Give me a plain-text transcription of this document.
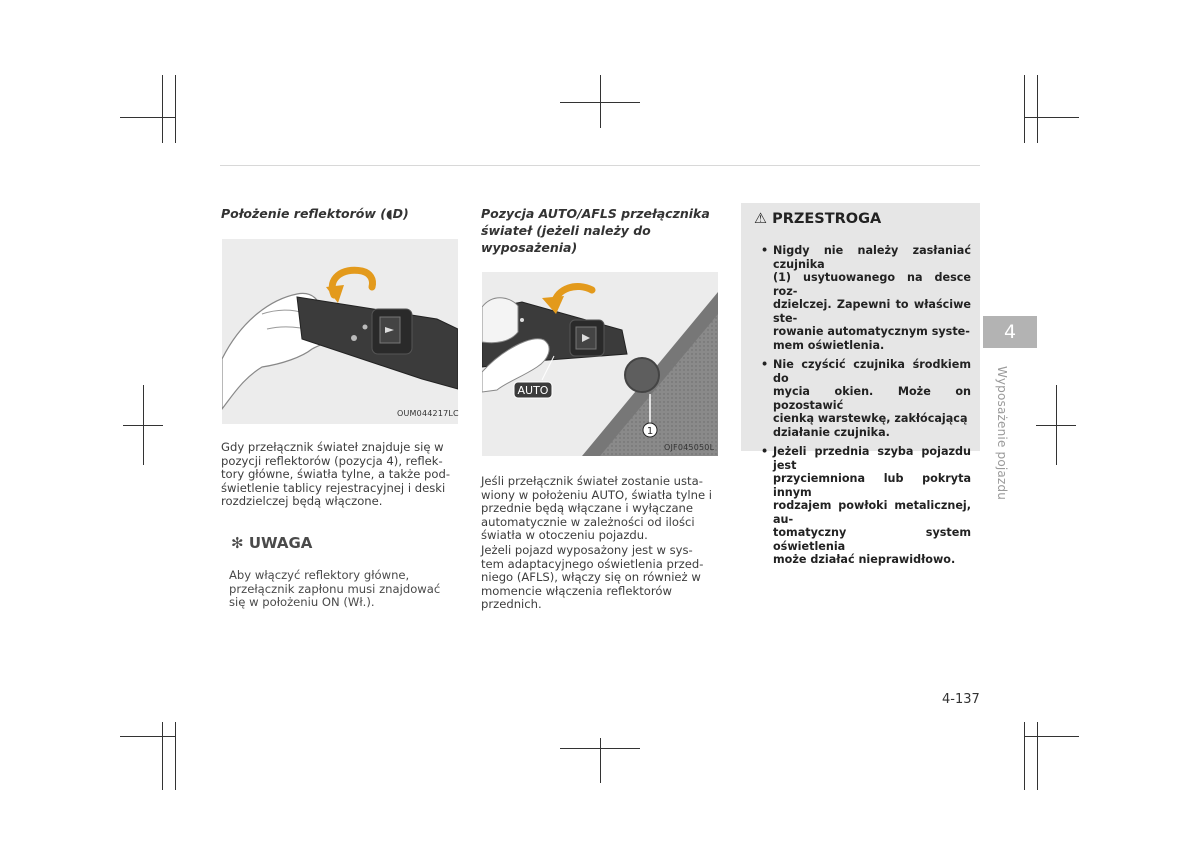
Położenie reflektorów (◖D)
OUM044217LC
Gdy przełącznik świateł znajduje się w
pozycji reflektorów (pozycja 4), reflek-
tory główne, światła tylne, a także pod-
świetlenie tablicy rejestracyjnej i deski
rozdzielczej będą włączone.
✻ UWAGA
Aby włączyć reflektory główne,
przełącznik zapłonu musi znajdować
się w położeniu ON (Wł.).
Pozycja AUTO/AFLS przełącznika
świateł (jeżeli należy do
wyposażenia)
1
AUTO
OJF045050L
Jeśli przełącznik świateł zostanie usta-
wiony w położeniu AUTO, światła tylne i
przednie będą włączane i wyłączane
automatycznie w zależności od ilości
światła w otoczeniu pojazdu.
Jeżeli pojazd wyposażony jest w sys-
tem adaptacyjnego oświetlenia przed-
niego (AFLS), włączy się on również w
momencie włączenia reflektorów
przednich.
⚠ PRZESTROGA
• Nigdy nie należy zasłaniać czujnika
(1) usytuowanego na desce roz-
dzielczej. Zapewni to właściwe ste-
rowanie automatycznym syste-
mem oświetlenia.
• Nie czyścić czujnika środkiem do
mycia okien. Może on pozostawić
cienką warstewkę, zakłócającą
działanie czujnika.
• Jeżeli przednia szyba pojazdu jest
przyciemniona lub pokryta innym
rodzajem powłoki metalicznej, au-
tomatyczny system oświetlenia
może działać nieprawidłowo.
4
Wyposażenie pojazdu
4-137
